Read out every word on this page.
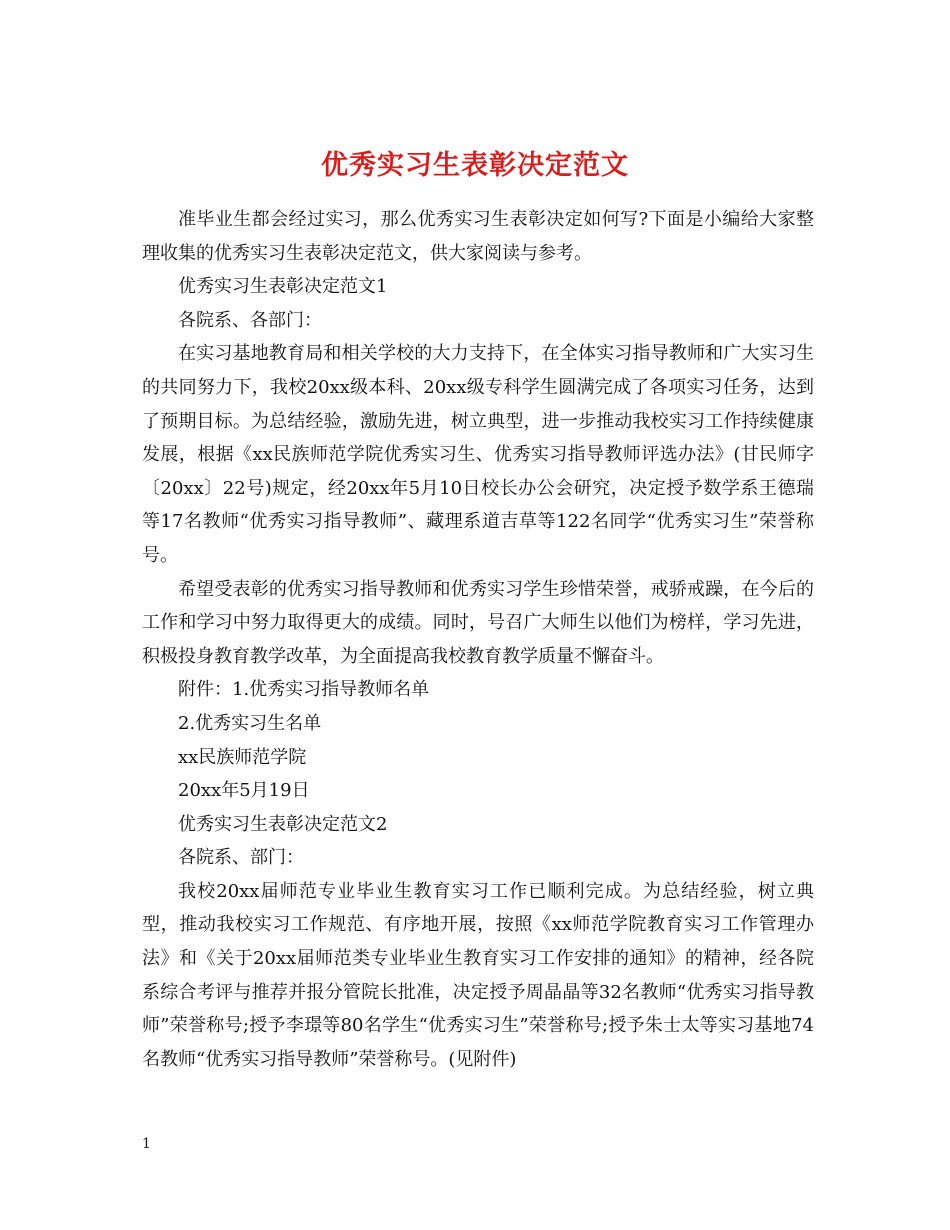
优秀实习生表彰决定范文

准毕业生都会经过实习，那么优秀实习生表彰决定如何写?下面是小编给大家整理收集的优秀实习生表彰决定范文，供大家阅读与参考。

优秀实习生表彰决定范文1

各院系、各部门：

在实习基地教育局和相关学校的大力支持下，在全体实习指导教师和广大实习生的共同努力下，我校20xx级本科、20xx级专科学生圆满完成了各项实习任务，达到了预期目标。为总结经验，激励先进，树立典型，进一步推动我校实习工作持续健康发展，根据《xx民族师范学院优秀实习生、优秀实习指导教师评选办法》(甘民师字〔20xx〕22号)规定，经20xx年5月10日校长办公会研究，决定授予数学系王德瑞等17名教师“优秀实习指导教师”、藏理系道吉草等122名同学“优秀实习生”荣誉称号。

希望受表彰的优秀实习指导教师和优秀实习学生珍惜荣誉，戒骄戒躁，在今后的工作和学习中努力取得更大的成绩。同时，号召广大师生以他们为榜样，学习先进，积极投身教育教学改革，为全面提高我校教育教学质量不懈奋斗。

附件：1.优秀实习指导教师名单

2.优秀实习生名单

xx民族师范学院

20xx年5月19日

优秀实习生表彰决定范文2

各院系、部门：

我校20xx届师范专业毕业生教育实习工作已顺利完成。为总结经验，树立典型，推动我校实习工作规范、有序地开展，按照《xx师范学院教育实习工作管理办法》和《关于20xx届师范类专业毕业生教育实习工作安排的通知》的精神，经各院系综合考评与推荐并报分管院长批准，决定授予周晶晶等32名教师“优秀实习指导教师”荣誉称号;授予李璟等80名学生“优秀实习生”荣誉称号;授予朱士太等实习基地74名教师“优秀实习指导教师”荣誉称号。(见附件)

1
